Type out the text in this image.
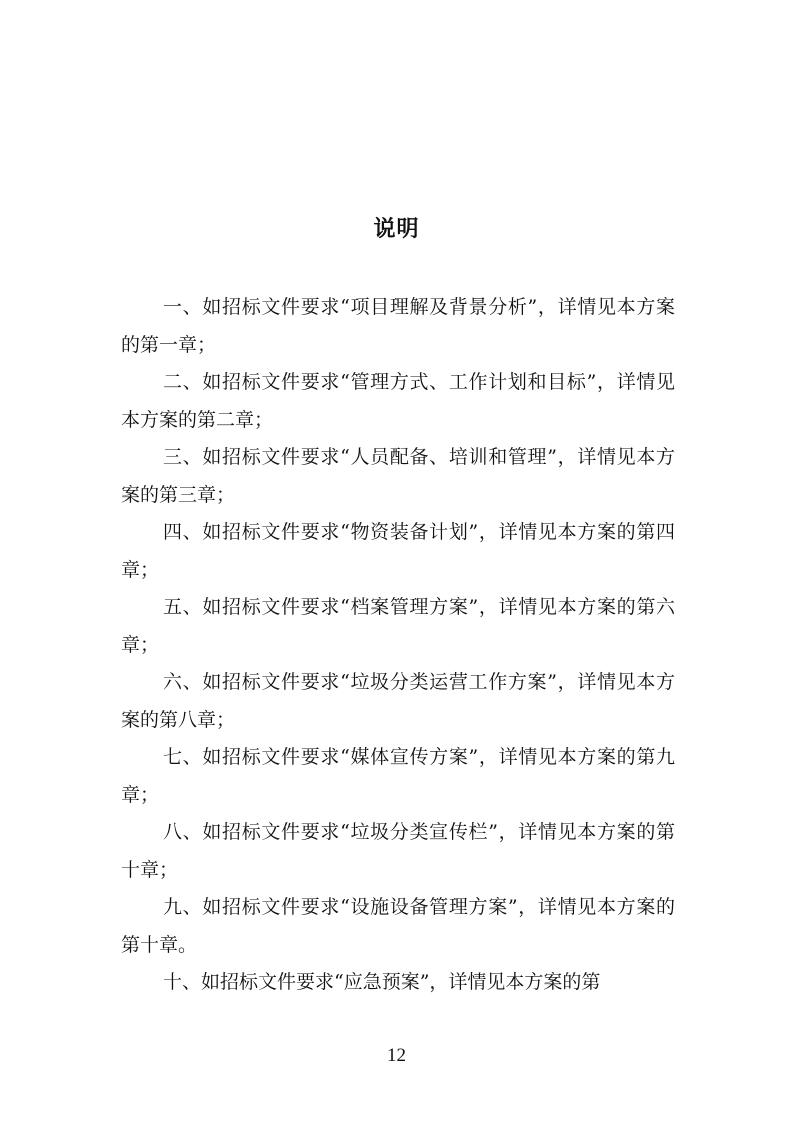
说明

一、如招标文件要求“项目理解及背景分析”，详情见本方案的第一章；

二、如招标文件要求“管理方式、工作计划和目标”，详情见本方案的第二章；

三、如招标文件要求“人员配备、培训和管理”，详情见本方案的第三章；

四、如招标文件要求“物资装备计划”，详情见本方案的第四章；

五、如招标文件要求“档案管理方案”，详情见本方案的第六章；

六、如招标文件要求“垃圾分类运营工作方案”，详情见本方案的第八章；

七、如招标文件要求“媒体宣传方案”，详情见本方案的第九章；

八、如招标文件要求“垃圾分类宣传栏”，详情见本方案的第十章；

九、如招标文件要求“设施设备管理方案”，详情见本方案的第十章。

十、如招标文件要求“应急预案”，详情见本方案的第

12
